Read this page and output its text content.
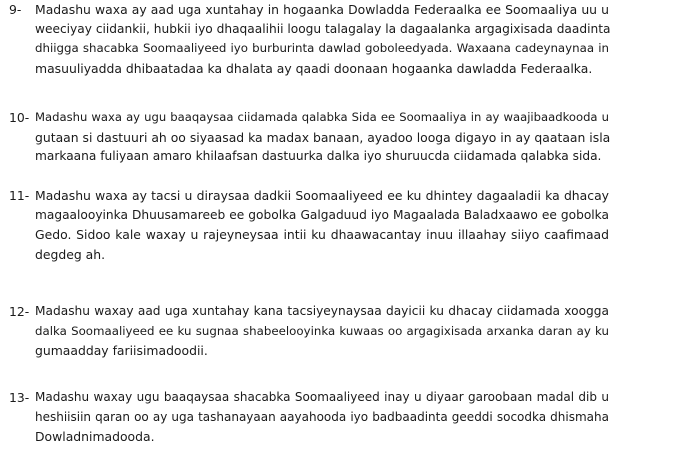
9- Madashu waxa ay aad uga xuntahay in hogaanka Dowladda Federaalka ee Soomaaliya uu u
weeciyay ciidankii, hubkii iyo dhaqaalihii loogu talagalay la dagaalanka argagixisada daadinta
dhiigga shacabka Soomaaliyeed iyo burburinta dawlad goboleedyada. Waxaana cadeynaynaa in
masuuliyadda dhibaatadaa ka dhalata ay qaadi doonaan hogaanka dawladda Federaalka.
10- Madashu waxa ay ugu baaqaysaa ciidamada qalabka Sida ee Soomaaliya in ay waajibaadkooda u
gutaan si dastuuri ah oo siyaasad ka madax banaan, ayadoo looga digayo in ay qaataan isla
markaana fuliyaan amaro khilaafsan dastuurka dalka iyo shuruucda ciidamada qalabka sida.
11- Madashu waxa ay tacsi u diraysaa dadkii Soomaaliyeed ee ku dhintey dagaaladii ka dhacay
magaalooyinka Dhuusamareeb ee gobolka Galgaduud iyo Magaalada Baladxaawo ee gobolka
Gedo. Sidoo kale waxay u rajeyneysaa intii ku dhaawacantay inuu illaahay siiyo caafimaad
degdeg ah.
12- Madashu waxay aad uga xuntahay kana tacsiyeynaysaa dayicii ku dhacay ciidamada xoogga
dalka Soomaaliyeed ee ku sugnaa shabeelooyinka kuwaas oo argagixisada arxanka daran ay ku
gumaadday fariisimadoodii.
13- Madashu waxay ugu baaqaysaa shacabka Soomaaliyeed inay u diyaar garoobaan madal dib u
heshiisiin qaran oo ay uga tashanayaan aayahooda iyo badbaadinta geeddi socodka dhismaha
Dowladnimadooda.
